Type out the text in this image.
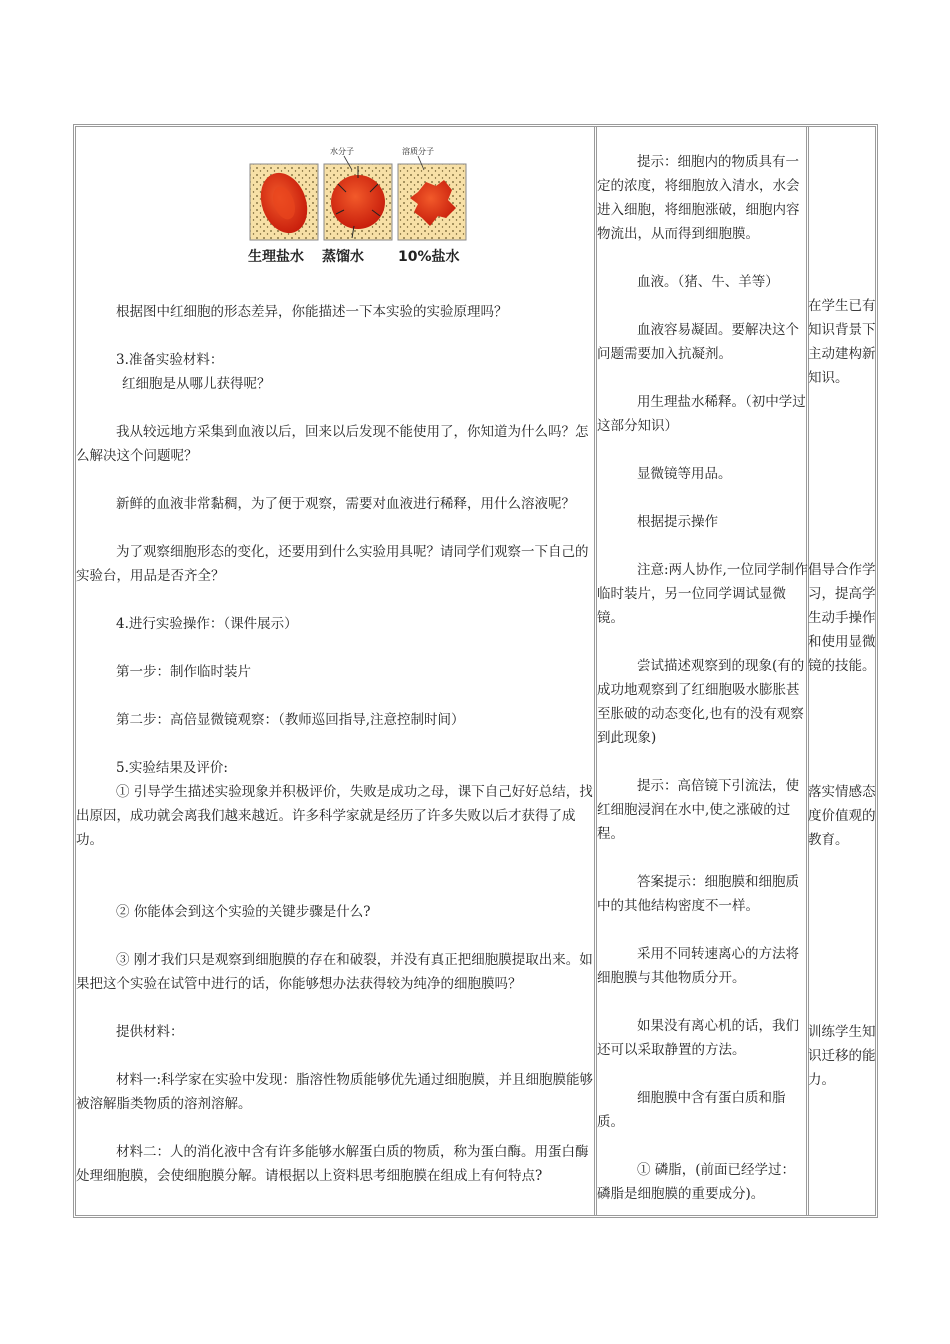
水分子	溶质分子
生理盐水 蒸馏水 10%盐水
根据图中红细胞的形态差异，你能描述一下本实验的实验原理吗？
3.准备实验材料：
红细胞是从哪儿获得呢？
我从较远地方采集到血液以后，回来以后发现不能使用了，你知道为什么吗？怎么解决这个问题呢？
新鲜的血液非常黏稠，为了便于观察，需要对血液进行稀释，用什么溶液呢？
为了观察细胞形态的变化，还要用到什么实验用具呢？请同学们观察一下自己的实验台，用品是否齐全？
4.进行实验操作：（课件展示）
第一步：制作临时装片
第二步：高倍显微镜观察：（教师巡回指导,注意控制时间）
5.实验结果及评价:
① 引导学生描述实验现象并积极评价，失败是成功之母，课下自己好好总结，找出原因，成功就会离我们越来越近。许多科学家就是经历了许多失败以后才获得了成功。
② 你能体会到这个实验的关键步骤是什么?
③ 刚才我们只是观察到细胞膜的存在和破裂，并没有真正把细胞膜提取出来。如果把这个实验在试管中进行的话，你能够想办法获得较为纯净的细胞膜吗？
提供材料：
材料一:科学家在实验中发现：脂溶性物质能够优先通过细胞膜，并且细胞膜能够被溶解脂类物质的溶剂溶解。
材料二：人的消化液中含有许多能够水解蛋白质的物质，称为蛋白酶。用蛋白酶处理细胞膜，会使细胞膜分解。请根据以上资料思考细胞膜在组成上有何特点?
提示：细胞内的物质具有一定的浓度，将细胞放入清水，水会进入细胞，将细胞涨破，细胞内容物流出，从而得到细胞膜。
血液。（猪、牛、羊等）
血液容易凝固。要解决这个问题需要加入抗凝剂。
用生理盐水稀释。（初中学过这部分知识）
显微镜等用品。
根据提示操作
注意:两人协作,一位同学制作临时装片，另一位同学调试显微镜。
尝试描述观察到的现象(有的成功地观察到了红细胞吸水膨胀甚至胀破的动态变化,也有的没有观察到此现象)
提示：高倍镜下引流法，使红细胞浸润在水中,使之涨破的过程。
答案提示：细胞膜和细胞质中的其他结构密度不一样。
采用不同转速离心的方法将细胞膜与其他物质分开。
如果没有离心机的话，我们还可以采取静置的方法。
细胞膜中含有蛋白质和脂质。
① 磷脂，(前面已经学过：磷脂是细胞膜的重要成分)。
在学生已有知识背景下主动建构新知识。
倡导合作学习，提高学生动手操作和使用显微镜的技能。
落实情感态度价值观的教育。
训练学生知识迁移的能力。
